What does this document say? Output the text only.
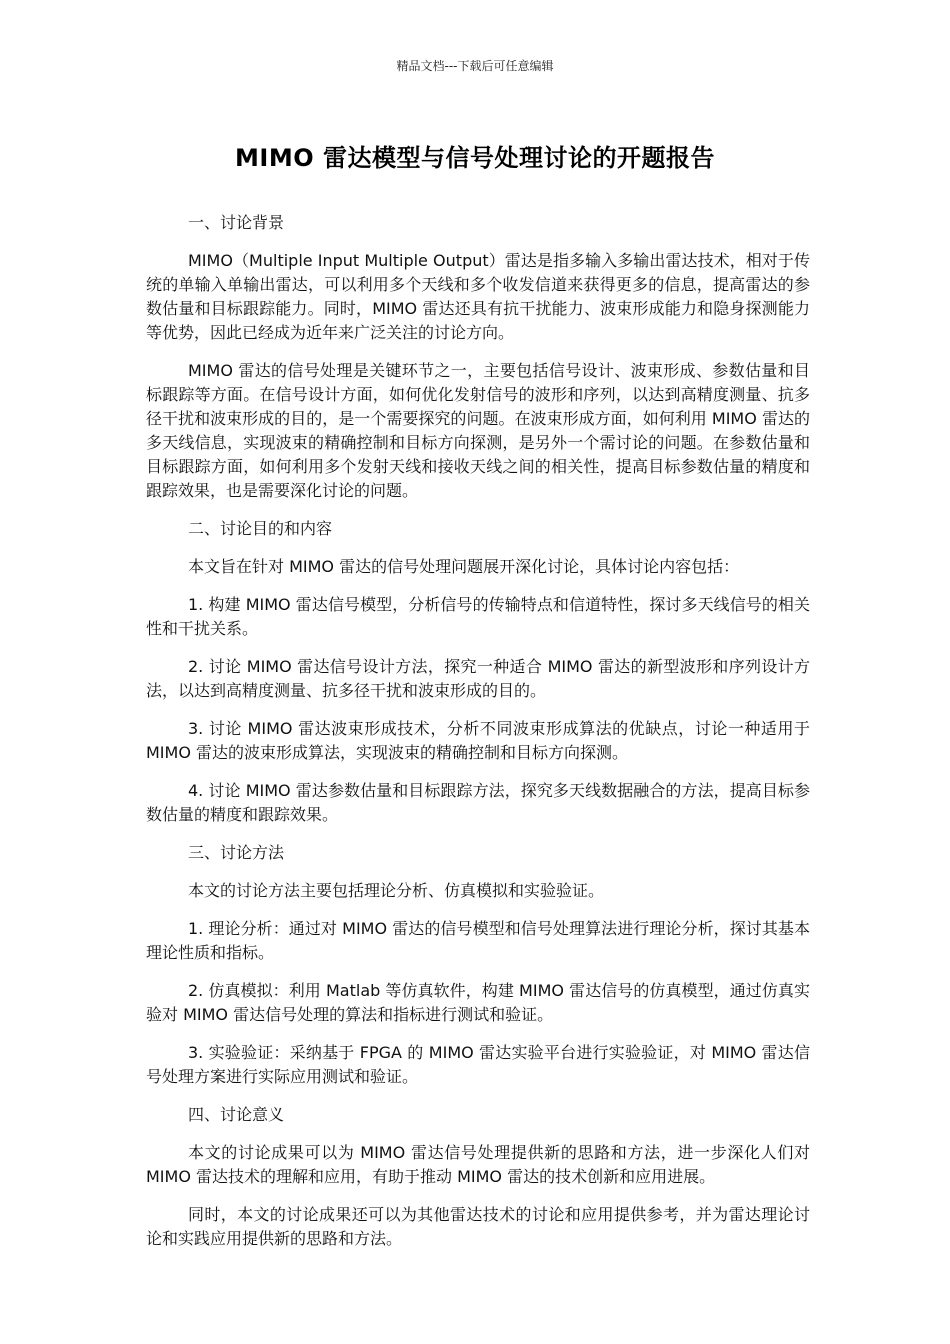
精品文档---下载后可任意编辑
MIMO 雷达模型与信号处理讨论的开题报告
一、讨论背景
MIMO（Multiple Input Multiple Output）雷达是指多输入多输出雷达技术，相对于传统的单输入单输出雷达，可以利用多个天线和多个收发信道来获得更多的信息，提高雷达的参数估量和目标跟踪能力。同时，MIMO 雷达还具有抗干扰能力、波束形成能力和隐身探测能力等优势，因此已经成为近年来广泛关注的讨论方向。
MIMO 雷达的信号处理是关键环节之一，主要包括信号设计、波束形成、参数估量和目标跟踪等方面。在信号设计方面，如何优化发射信号的波形和序列，以达到高精度测量、抗多径干扰和波束形成的目的，是一个需要探究的问题。在波束形成方面，如何利用 MIMO 雷达的多天线信息，实现波束的精确控制和目标方向探测，是另外一个需讨论的问题。在参数估量和目标跟踪方面，如何利用多个发射天线和接收天线之间的相关性，提高目标参数估量的精度和跟踪效果，也是需要深化讨论的问题。
二、讨论目的和内容
本文旨在针对 MIMO 雷达的信号处理问题展开深化讨论，具体讨论内容包括：
1. 构建 MIMO 雷达信号模型，分析信号的传输特点和信道特性，探讨多天线信号的相关性和干扰关系。
2. 讨论 MIMO 雷达信号设计方法，探究一种适合 MIMO 雷达的新型波形和序列设计方法，以达到高精度测量、抗多径干扰和波束形成的目的。
3. 讨论 MIMO 雷达波束形成技术，分析不同波束形成算法的优缺点，讨论一种适用于 MIMO 雷达的波束形成算法，实现波束的精确控制和目标方向探测。
4. 讨论 MIMO 雷达参数估量和目标跟踪方法，探究多天线数据融合的方法，提高目标参数估量的精度和跟踪效果。
三、讨论方法
本文的讨论方法主要包括理论分析、仿真模拟和实验验证。
1. 理论分析：通过对 MIMO 雷达的信号模型和信号处理算法进行理论分析，探讨其基本理论性质和指标。
2. 仿真模拟：利用 Matlab 等仿真软件，构建 MIMO 雷达信号的仿真模型，通过仿真实验对 MIMO 雷达信号处理的算法和指标进行测试和验证。
3. 实验验证：采纳基于 FPGA 的 MIMO 雷达实验平台进行实验验证，对 MIMO 雷达信号处理方案进行实际应用测试和验证。
四、讨论意义
本文的讨论成果可以为 MIMO 雷达信号处理提供新的思路和方法，进一步深化人们对 MIMO 雷达技术的理解和应用，有助于推动 MIMO 雷达的技术创新和应用进展。
同时，本文的讨论成果还可以为其他雷达技术的讨论和应用提供参考，并为雷达理论讨论和实践应用提供新的思路和方法。
